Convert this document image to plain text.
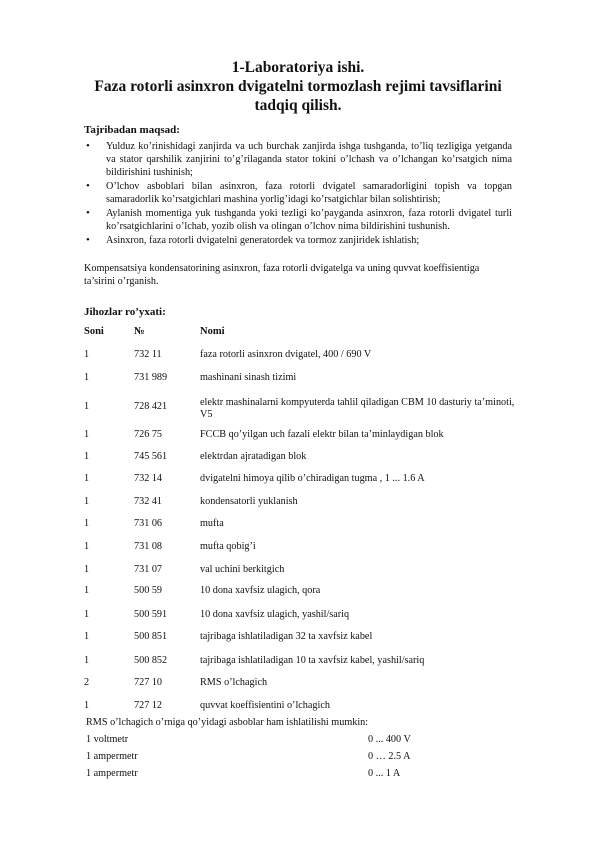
1-Laboratoriya ishi.
Faza rotorli asinxron dvigatelni tormozlash rejimi tavsiflarini
tadqiq qilish.
Tajribadan maqsad:
• Yulduz ko’rinishidagi zanjirda va uch burchak zanjirda ishga tushganda, to’liq tezligiga yetganda va stator qarshilik zanjirini to’g’rilaganda stator tokini o’lchash va o’lchangan ko’rsatgich nima bildirishini tushinish;
• O’lchov asboblari bilan asinxron, faza rotorli dvigatel samaradorligini topish va topgan samaradorlik ko’rsatgichlari mashina yorlig’idagi ko’rsatgichlar bilan solishtirish;
• Aylanish momentiga yuk tushganda yoki tezligi ko’payganda asinxron, faza rotorli dvigatel turli ko’rsatgichlarini o’lchab, yozib olish va olingan o’lchov nima bildirishini tushunish.
• Asinxron, faza rotorli dvigatelni generatordek va tormoz zanjiridek ishlatish;
Kompensatsiya kondensatorining asinxron, faza rotorli dvigatelga va uning quvvat koeffisientiga ta’sirini o’rganish.
Jihozlar ro’yxati:
Soni	№	Nomi
1	732 11	faza rotorli asinxron dvigatel, 400 / 690 V
1	731 989	mashinani sinash tizimi
1	728 421	elektr mashinalarni kompyuterda tahlil qiladigan CBM 10 dasturiy ta’minoti, V5
1	726 75	FCCB qo’yilgan uch fazali elektr bilan ta’minlaydigan blok
1	745 561	elektrdan ajratadigan blok
1	732 14	dvigatelni himoya qilib o’chiradigan tugma , 1 ... 1.6 A
1	732 41	kondensatorli yuklanish
1	731 06	mufta
1	731 08	mufta qobig’i
1	731 07	val uchini berkitgich
1	500 59	10 dona xavfsiz ulagich, qora
1	500 591	10 dona xavfsiz ulagich, yashil/sariq
1	500 851	tajribaga ishlatiladigan 32 ta xavfsiz kabel
1	500 852	tajribaga ishlatiladigan 10 ta xavfsiz kabel, yashil/sariq
2	727 10	RMS o’lchagich
1	727 12	quvvat koeffisientini o’lchagich
RMS o’lchagich o’rniga qo’yidagi asboblar ham ishlatilishi mumkin:
1 voltmetr	0 ... 400 V
1 ampermetr	0 … 2.5 A
1 ampermetr	0 ... 1 A
